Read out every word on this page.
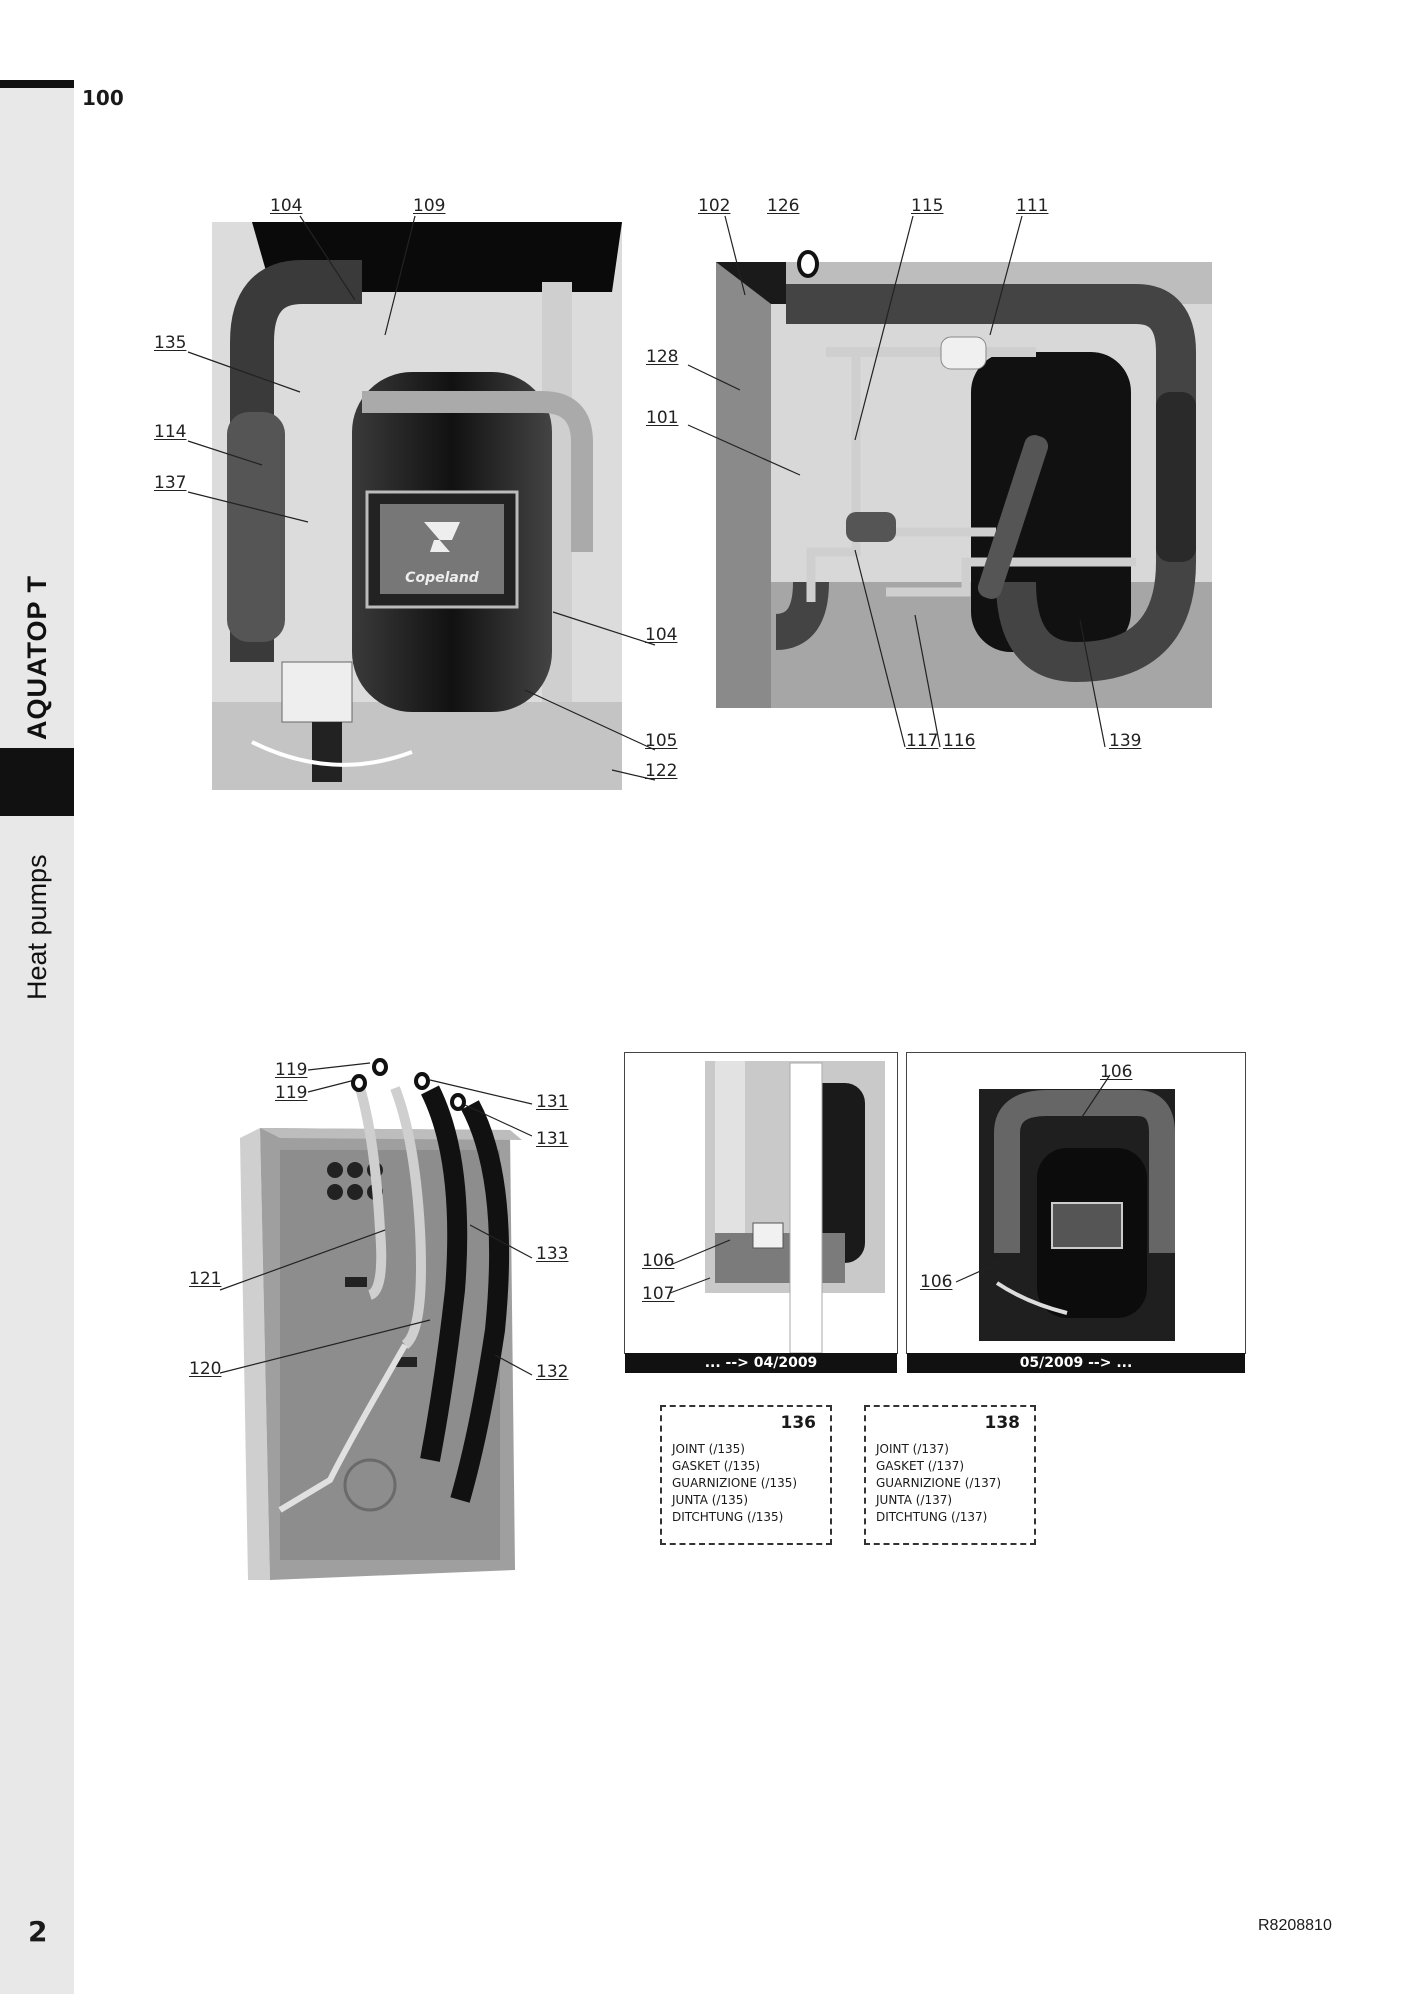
AQUATOP T
Heat pumps
100
Copeland
... --> 04/2009	05/2009 --> ...
136
JOINT (/135)
GASKET (/135)
GUARNIZIONE (/135)
JUNTA (/135)
DITCHTUNG (/135)
138
JOINT (/137)
GASKET (/137)
GUARNIZIONE (/137)
JUNTA (/137)
DITCHTUNG (/137)
104	109
135
114
137
104
105
122
102 126	115	111
128
101
117 116	139
119
119	131
131
133
121
120	132
106
107
106
106
2	R8208810
